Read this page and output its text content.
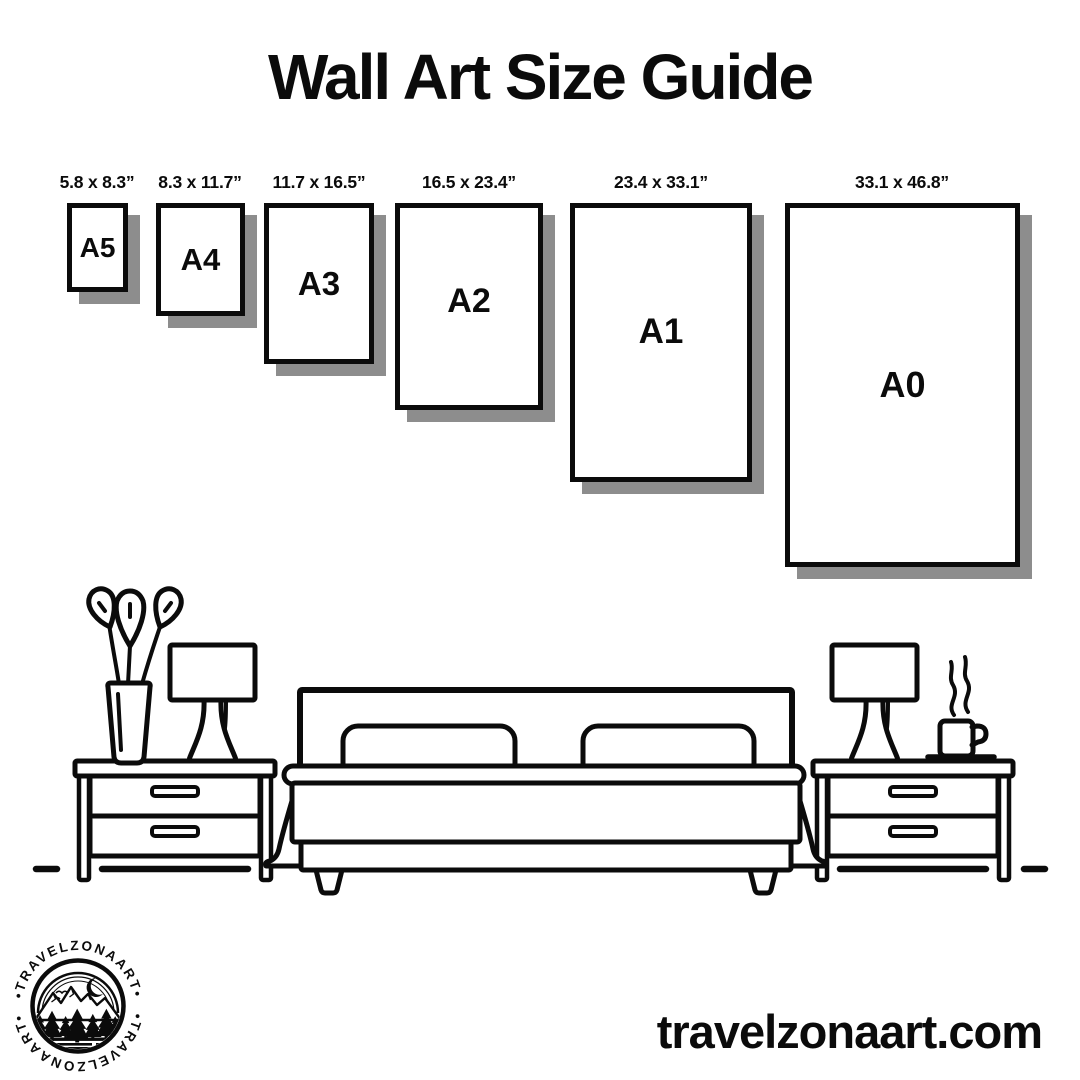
Wall Art Size Guide
5.8 x 8.3” 8.3 x 11.7” 11.7 x 16.5”	16.5 x 23.4”	23.4 x 33.1”	33.1 x 46.8”
A5 A4
A3	A2
A1
A0
•TRAVELZONAART•
•TRAVELZONAART•	travelzonaart.com
